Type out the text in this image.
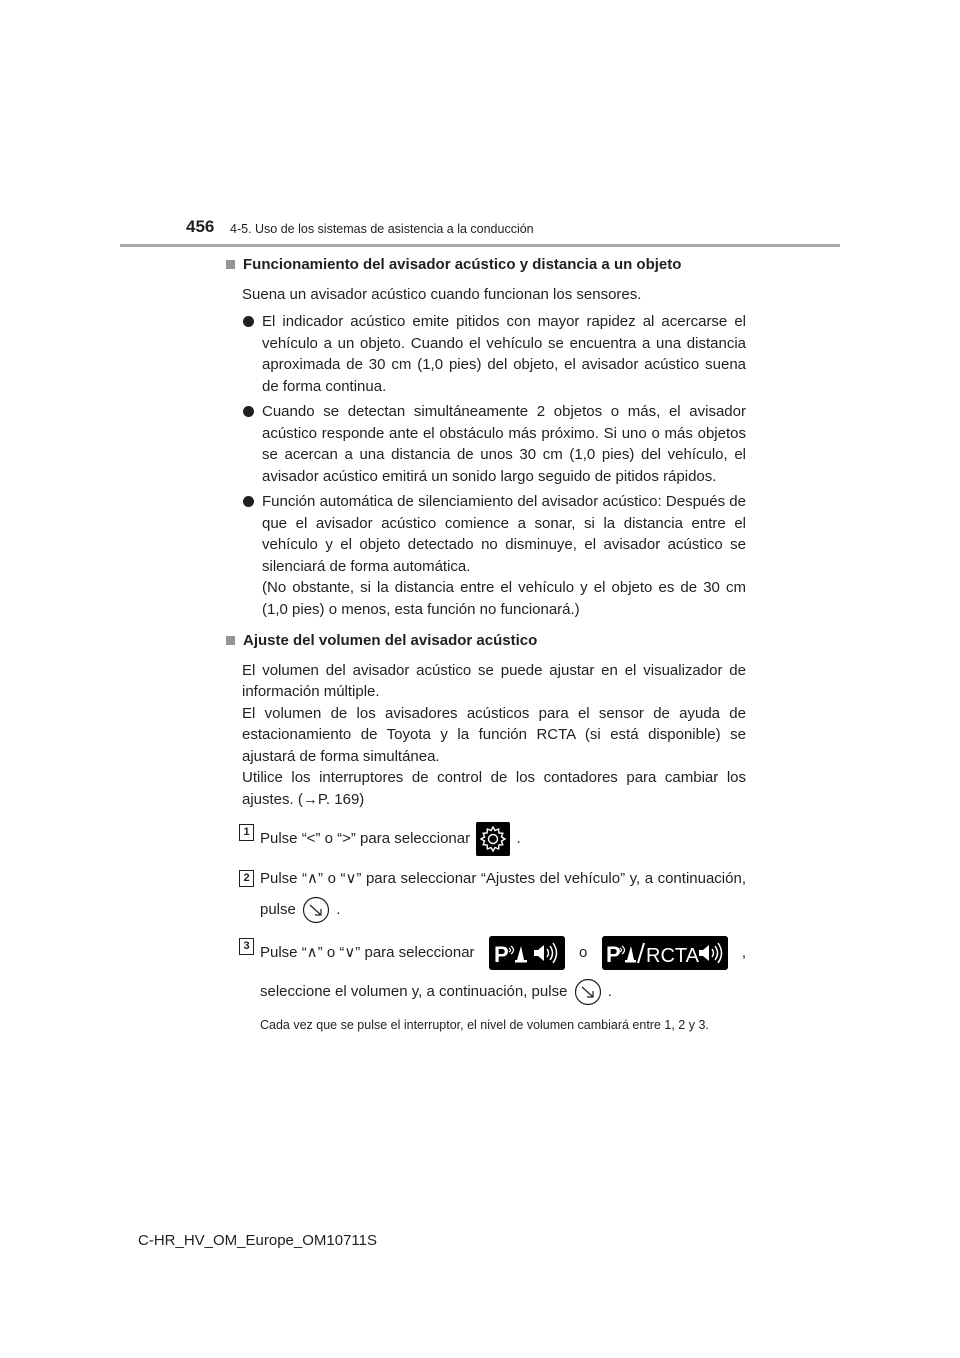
456 4-5. Uso de los sistemas de asistencia a la conducción
Funcionamiento del avisador acústico y distancia a un objeto
Suena un avisador acústico cuando funcionan los sensores.

El indicador acústico emite pitidos con mayor rapidez al acercarse el vehículo a un objeto. Cuando el vehículo se encuentra a una distancia aproximada de 30 cm (1,0 pies) del objeto, el avisador acústico suena de forma continua.

Cuando se detectan simultáneamente 2 objetos o más, el avisador acústico responde ante el obstáculo más próximo. Si uno o más objetos se acercan a una distancia de unos 30 cm (1,0 pies) del vehículo, el avisador acústico emitirá un sonido largo seguido de pitidos rápidos.

Función automática de silenciamiento del avisador acústico: Después de que el avisador acústico comience a sonar, si la distancia entre el vehículo y el objeto detectado no disminuye, el avisador acústico se silenciará de forma automática.

(No obstante, si la distancia entre el vehículo y el objeto es de 30 cm (1,0 pies) o menos, esta función no funcionará.)

Ajuste del volumen del avisador acústico
El volumen del avisador acústico se puede ajustar en el visualizador de información múltiple.
El volumen de los avisadores acústicos para el sensor de ayuda de estacionamiento de Toyota y la función RCTA (si está disponible) se ajustará de forma simultánea.
Utilice los interruptores de control de los contadores para cambiar los ajustes. (→P. 169)
1 Pulse “<” o “>” para seleccionar	.
2 Pulse “∧” o “∨” para seleccionar “Ajustes del vehículo” y, a continuación,
pulse	.
3 Pulse “∧” o “∨” para seleccionar P	o P RCTA	,
seleccione el volumen y, a continuación, pulse	.
Cada vez que se pulse el interruptor, el nivel de volumen cambiará entre 1, 2 y 3.
C-HR_HV_OM_Europe_OM10711S
